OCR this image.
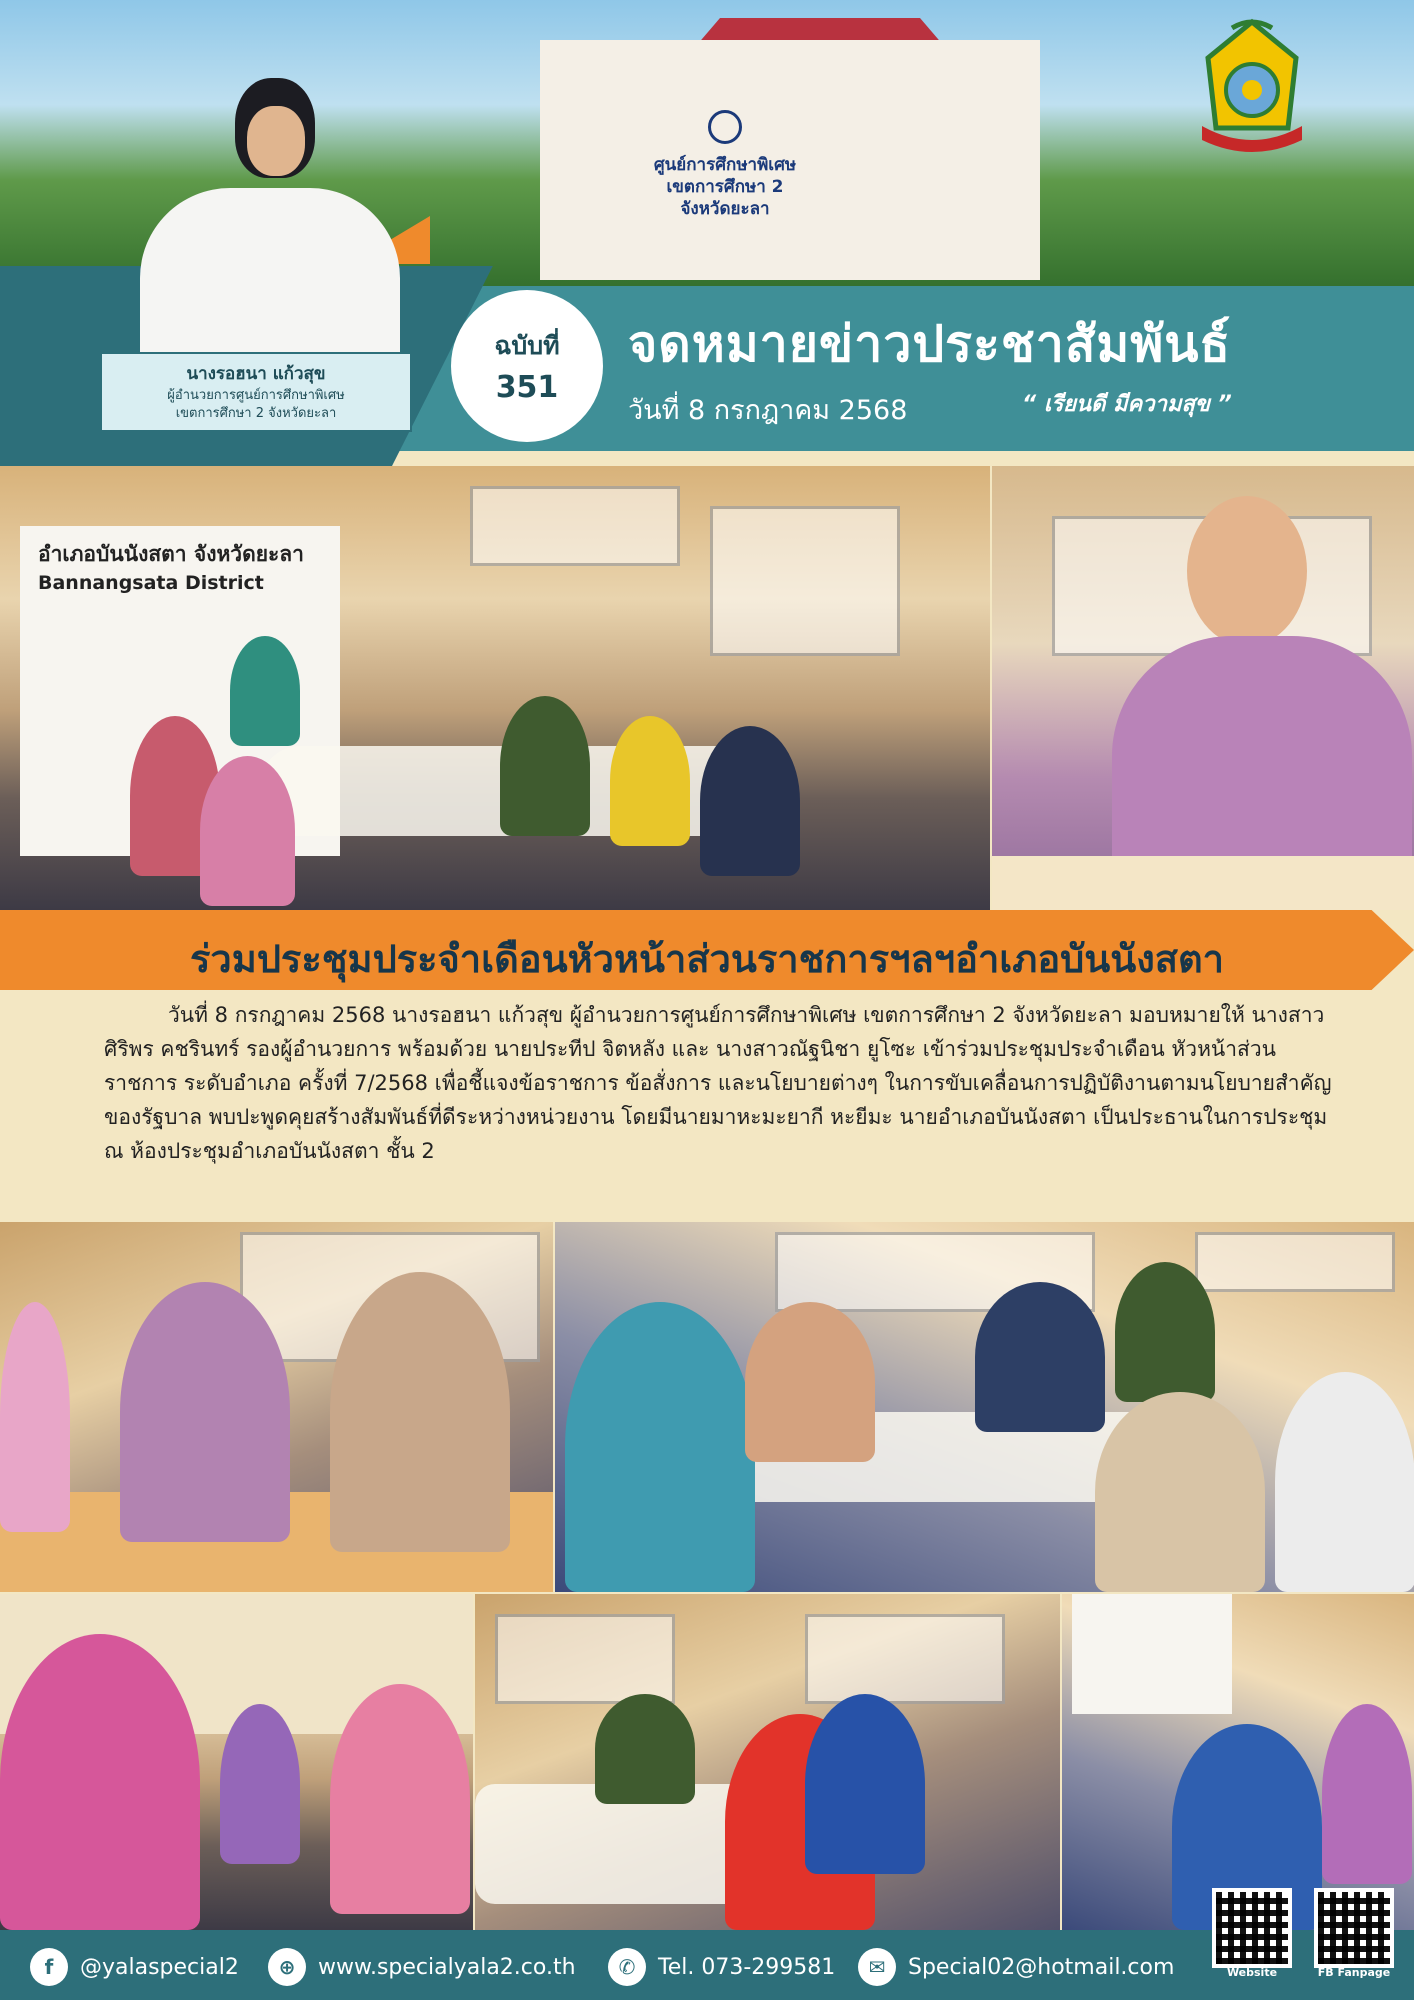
ศูนย์การศึกษาพิเศษ
เขตการศึกษา 2
จังหวัดยะลา
นางรอฮนา แก้วสุข
ผู้อำนวยการศูนย์การศึกษาพิเศษ
เขตการศึกษา 2 จังหวัดยะลา
ฉบับที่
351
จดหมายข่าวประชาสัมพันธ์
วันที่ 8 กรกฎาคม 2568	“ เรียนดี มีความสุข ”
อำเภอบันนังสตา จังหวัดยะลา
Bannangsata District
ร่วมประชุมประจำเดือนหัวหน้าส่วนราชการฯลฯอำเภอบันนังสตา

วันที่ 8 กรกฎาคม 2568 นางรอฮนา แก้วสุข ผู้อำนวยการศูนย์การศึกษาพิเศษ เขตการศึกษา 2 จังหวัดยะลา มอบหมายให้ นางสาวศิริพร คชรินทร์ รองผู้อำนวยการ พร้อมด้วย นายประทีป จิตหลัง และ นางสาวณัฐนิชา ยูโซะ เข้าร่วมประชุมประจำเดือน หัวหน้าส่วนราชการ ระดับอำเภอ ครั้งที่ 7/2568 เพื่อชี้แจงข้อราชการ ข้อสั่งการ และนโยบายต่างๆ ในการขับเคลื่อนการปฏิบัติงานตามนโยบายสำคัญของรัฐบาล พบปะพูดคุยสร้างสัมพันธ์ที่ดีระหว่างหน่วยงาน โดยมีนายมาหะมะยากี หะยีมะ นายอำเภอบันนังสตา เป็นประธานในการประชุม ณ ห้องประชุมอำเภอบันนังสตา ชั้น 2

f	@yalaspecial2	⊕	www.specialyala2.co.th	✆	Tel. 073-299581	✉	Special02@hotmail.com	Website	FB Fanpage
